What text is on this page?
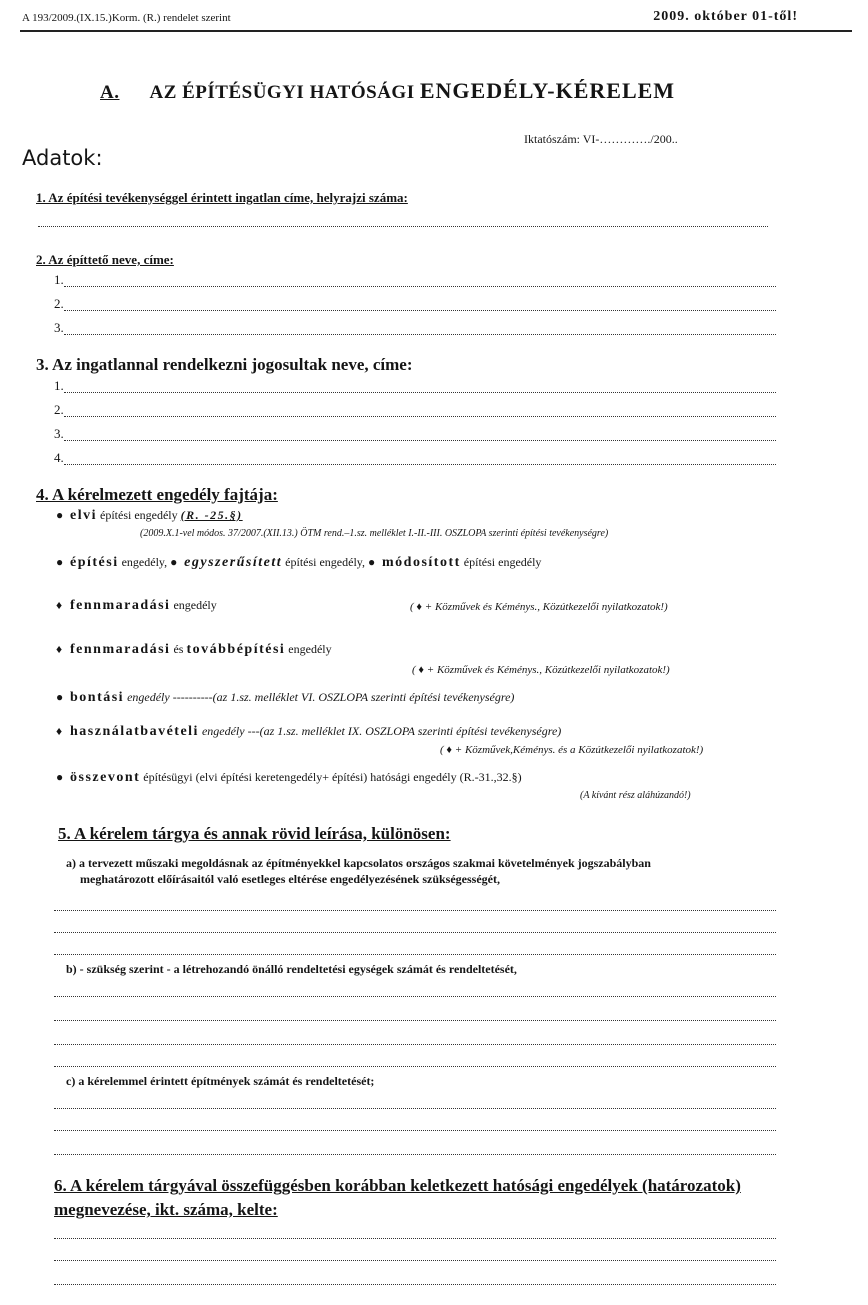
A 193/2009.(IX.15.)Korm. (R.) rendelet szerint	2009. október 01-től!
A. AZ ÉPÍTÉSÜGYI HATÓSÁGI ENGEDÉLY-KÉRELEM
Iktatószám: VI-…………./200..
Adatok:
1. Az építési tevékenységgel érintett ingatlan címe, helyrajzi száma:
2. Az építtető neve, címe:
1.
2.
3.
3. Az ingatlannal rendelkezni jogosultak neve, címe:
1.
2.
3.
4.
4. A kérelmezett engedély fajtája:
● elvi építési engedély (R. -25.§)
(2009.X.1-vel módos. 37/2007.(XII.13.) ÖTM rend.–1.sz. melléklet I.-II.-III. OSZLOPA szerinti építési tevékenységre)
● építési engedély, ● egyszerűsített építési engedély, ● módosított építési engedély
♦ fennmaradási engedély	( ♦ + Közművek és Kéménys., Közútkezelői nyilatkozatok!)
♦ fennmaradási és továbbépítési engedély
( ♦ + Közművek és Kéménys., Közútkezelői nyilatkozatok!)
● bontási engedély ----------(az 1.sz. melléklet VI. OSZLOPA szerinti építési tevékenységre)
♦ használatbavételi engedély ---(az 1.sz. melléklet IX. OSZLOPA szerinti építési tevékenységre)
( ♦ + Közművek,Kéménys. és a Közútkezelői nyilatkozatok!)
● összevont építésügyi (elvi építési keretengedély+ építési) hatósági engedély (R.-31.,32.§)
(A kívánt rész aláhúzandó!)
5. A kérelem tárgya és annak rövid leírása, különösen:
a) a tervezett műszaki megoldásnak az építményekkel kapcsolatos országos szakmai követelmények jogszabályban
meghatározott előírásaitól való esetleges eltérése engedélyezésének szükségességét,
b) - szükség szerint - a létrehozandó önálló rendeltetési egységek számát és rendeltetését,
c) a kérelemmel érintett építmények számát és rendeltetését;
6. A kérelem tárgyával összefüggésben korábban keletkezett hatósági engedélyek (határozatok) megnevezése, ikt. száma, kelte:
